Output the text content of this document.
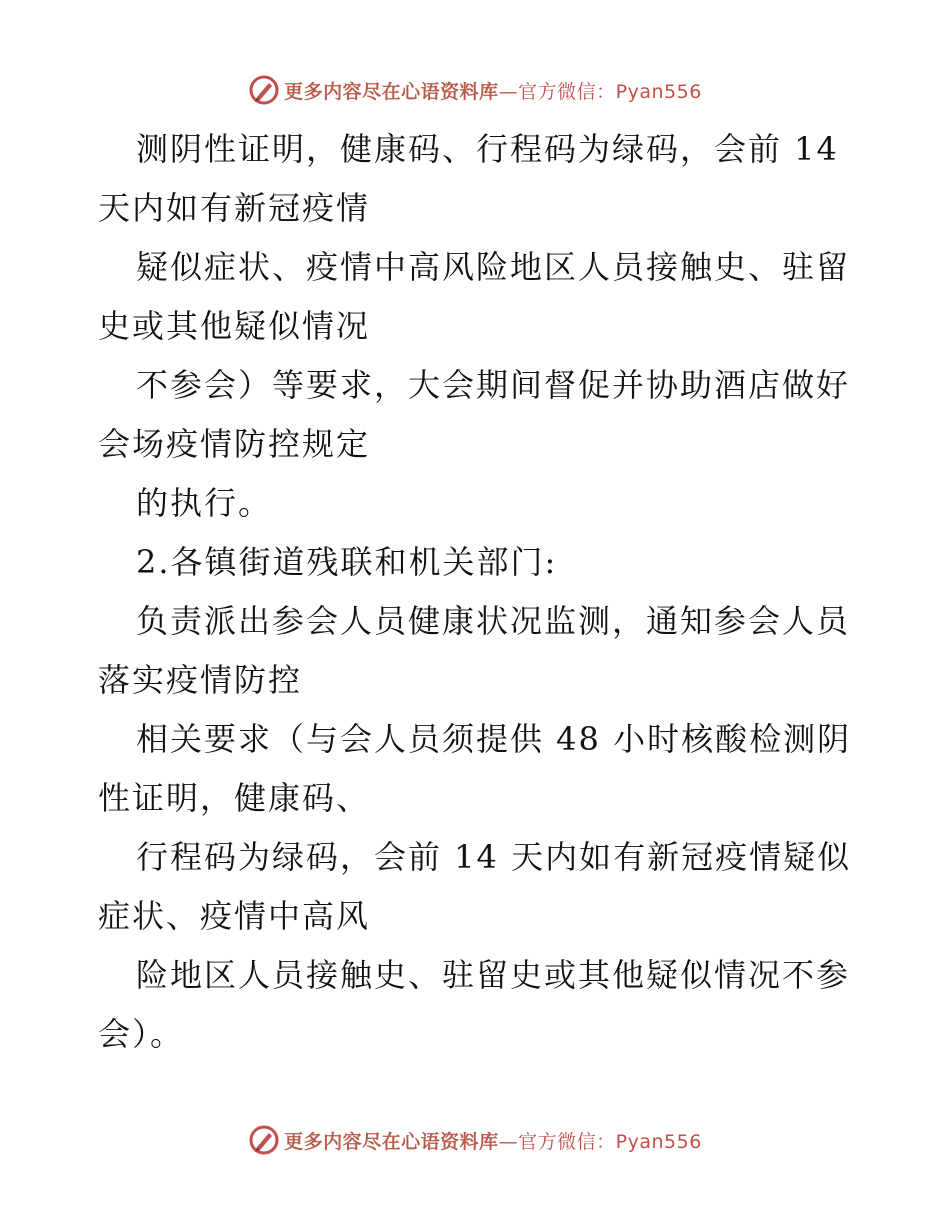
更多内容尽在心语资料库—官方微信：Pyan556

测阴性证明，健康码、行程码为绿码，会前 14 天内如有新冠疫情

疑似症状、疫情中高风险地区人员接触史、驻留史或其他疑似情况

不参会）等要求，大会期间督促并协助酒店做好会场疫情防控规定

的执行。

2.各镇街道残联和机关部门:

负责派出参会人员健康状况监测，通知参会人员落实疫情防控

相关要求（与会人员须提供 48 小时核酸检测阴性证明，健康码、

行程码为绿码，会前 14 天内如有新冠疫情疑似症状、疫情中高风

险地区人员接触史、驻留史或其他疑似情况不参会）。

更多内容尽在心语资料库—官方微信：Pyan556
